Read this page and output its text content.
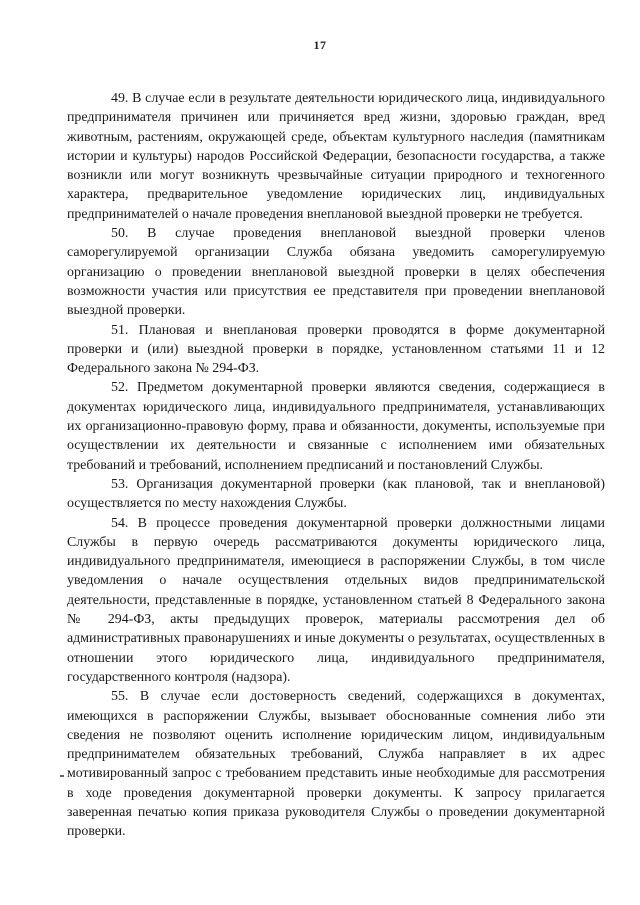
17

49. В случае если в результате деятельности юридического лица, индивидуального предпринимателя причинен или причиняется вред жизни, здоровью граждан, вред животным, растениям, окружающей среде, объектам культурного наследия (памятникам истории и культуры) народов Российской Федерации, безопасности государства, а также возникли или могут возникнуть чрезвычайные ситуации природного и техногенного характера, предварительное уведомление юридических лиц, индивидуальных предпринимателей о начале проведения внеплановой выездной проверки не требуется.

50. В случае проведения внеплановой выездной проверки членов саморегулируемой организации Служба обязана уведомить саморегулируемую организацию о проведении внеплановой выездной проверки в целях обеспечения возможности участия или присутствия ее представителя при проведении внеплановой выездной проверки.

51. Плановая и внеплановая проверки проводятся в форме документарной проверки и (или) выездной проверки в порядке, установленном статьями 11 и 12 Федерального закона № 294-ФЗ.

52. Предметом документарной проверки являются сведения, содержащиеся в документах юридического лица, индивидуального предпринимателя, устанавливающих их организационно-правовую форму, права и обязанности, документы, используемые при осуществлении их деятельности и связанные с исполнением ими обязательных требований и требований, исполнением предписаний и постановлений Службы.

53. Организация документарной проверки (как плановой, так и внеплановой) осуществляется по месту нахождения Службы.

54. В процессе проведения документарной проверки должностными лицами Службы в первую очередь рассматриваются документы юридического лица, индивидуального предпринимателя, имеющиеся в распоряжении Службы, в том числе уведомления о начале осуществления отдельных видов предпринимательской деятельности, представленные в порядке, установленном статьей 8 Федерального закона № 294-ФЗ, акты предыдущих проверок, материалы рассмотрения дел об административных правонарушениях и иные документы о результатах, осуществленных в отношении этого юридического лица, индивидуального предпринимателя, государственного контроля (надзора).

55. В случае если достоверность сведений, содержащихся в документах, имеющихся в распоряжении Службы, вызывает обоснованные сомнения либо эти сведения не позволяют оценить исполнение юридическим лицом, индивидуальным предпринимателем обязательных требований, Служба направляет в их адрес мотивированный запрос с требованием представить иные необходимые для рассмотрения в ходе проведения документарной проверки документы. К запросу прилагается заверенная печатью копия приказа руководителя Службы о проведении документарной проверки.
